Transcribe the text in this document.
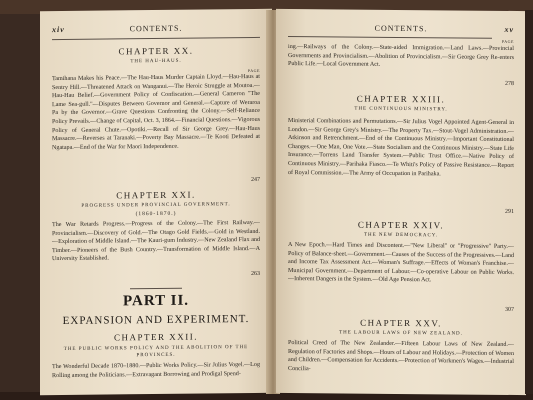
xiv	CONTENTS.
CHAPTER XX.
THE HAU-HAUS.
PAGE
Tamihana Makes his Peace.—The Hau-Haus Murder Captain Lloyd.—Hau-Haus at Sentry Hill.—Threatened Attack on Wanganui.—The Heroic Struggle at Moutoa.—Hau-Hau Belief.—Government Policy of Confiscation.—General Cameron "The Lame Sea-gull."—Disputes Between Governor and General.—Capture of Weraroa Pa by the Governor.—Grave Questions Confronting the Colony.—Self-Reliance Policy Prevails.—Change of Capital, Oct. 3, 1864.—Financial Questions.—Vigorous Policy of General Chute.—Opotiki.—Recall of Sir George Grey.—Hau-Haus Massacre.—Reverses at Taranaki.—Poverty Bay Massacre.—Te Kooti Defeated at Ngatapa.—End of the War for Maori Independence.
247
CHAPTER XXI.
PROGRESS UNDER PROVINCIAL GOVERNMENT.
(1860-1870.)
The War Retards Progress.—Progress of the Colony.—The First Railway.—Provincialism.—Discovery of Gold.—The Otago Gold Fields.—Gold in Westland.—Exploration of Middle Island.—The Kauri-gum Industry.—New Zealand Flax and Timber.—Pioneers of the Bush Country.—Transformation of Middle Island.—A University Established.
263
PART II.
EXPANSION AND EXPERIMENT.
CHAPTER XXII.
THE PUBLIC WORKS POLICY AND THE ABOLITION OF THE PROVINCES.
The Wonderful Decade 1870–1880.—Public Works Policy.—Sir Julius Vogel.—Log Rolling among the Politicians.—Extravagant Borrowing and Prodigal Spend-
CONTENTS.	xv
PAGE
ing.—Railways of the Colony.—State-aided Immigration.—Land Laws.—Provincial Governments and Provincialism.—Abolition of Provincialism.—Sir George Grey Re-enters Public Life.—Local Government Act.
278
CHAPTER XXIII.
THE CONTINUOUS MINISTRY.
Ministerial Combinations and Permutations.—Sir Julius Vogel Appointed Agent-General in London.—Sir George Grey's Ministry.—The Property Tax.—Stout-Vogel Administration.—Atkinson and Retrenchment.—End of the Continuous Ministry.—Important Constitutional Changes.—One Man, One Vote.—State Socialism and the Continuous Ministry.—State Life Insurance.—Torrens Land Transfer System.—Public Trust Office.—Native Policy of Continuous Ministry.—Parihaka Fiasco.—Te Whiti's Policy of Passive Resistance.—Report of Royal Commission.—The Army of Occupation in Parihaka.
291
CHAPTER XXIV.
THE NEW DEMOCRACY.
A New Epoch.—Hard Times and Discontent.—"New Liberal" or "Progressive" Party.—Policy of Balance-sheet.—Government.—Causes of the Success of the Progressives.—Land and Income Tax Assessment Act.—Woman's Suffrage.—Effects of Woman's Franchise.—Municipal Government.—Department of Labour.—Co-operative Labour on Public Works.—Inherent Dangers in the System.—Old Age Pension Act.
307
CHAPTER XXV.
THE LABOUR LAWS OF NEW ZEALAND.
Political Creed of The New Zealander.—Fifteen Labour Laws of New Zealand.—Regulation of Factories and Shops.—Hours of Labour and Holidays.—Protection of Women and Children.—Compensation for Accidents.—Protection of Workmen's Wages.—Industrial Concilia-
